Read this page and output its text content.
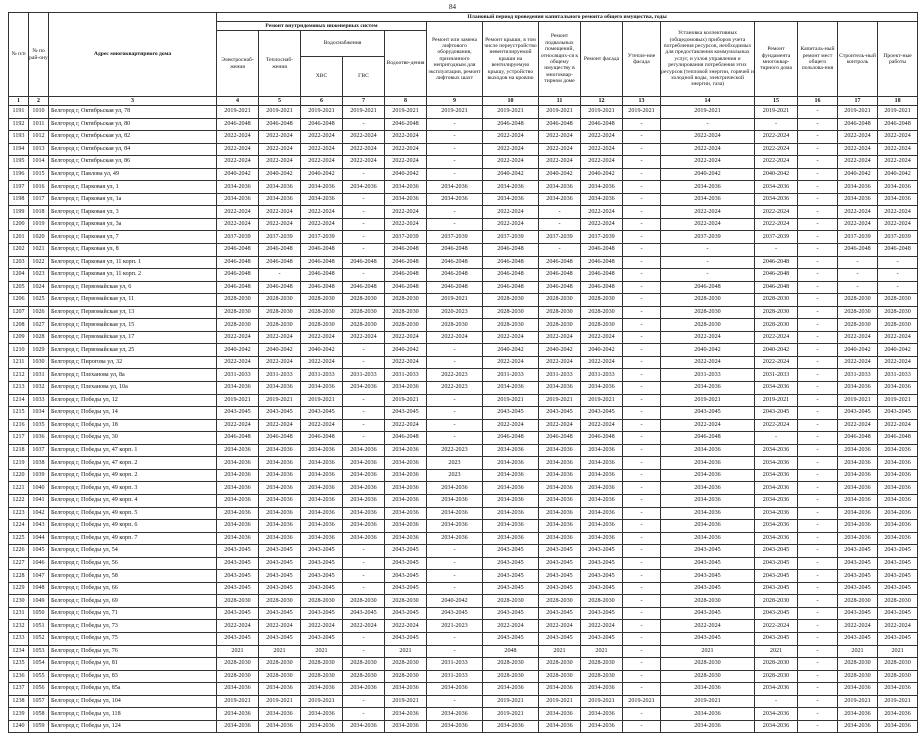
84
№ п/п	№ по рай-ону	Адрес многоквартирного дома	Плановый период проведения капитального ремонта общего имущества, годы														
			Ремонт внутридомовых инженерных систем					Ремонт или замена лифтового оборудования, признанного непригодным для эксплуатации, ремонт лифтовых шахт	Ремонт крыши, в том числе переустройство невентилируемой крыши на вентилируемую крышу, устройство выходов на кровлю	Ремонт подвальных помещений, относящих-ся к общему имуществу в многоквар-тирном доме	Ремонт фасада	Утепле-ние фасада	Установка коллективных (общедомовых) приборов учета потребления ресурсов, необходимых для предоставления коммунальных услуг, и узлов управления и регулирования потребления этих ресурсов (тепловой энергии, горячей и холодной воды, электрической энергии, газа)	Ремонт фундамента многоквар-тирного дома	Капиталь-ный ремонт мест общего пользова-ния	Строитель-ный контроль	Проект-ные работы
			Электроснаб-жения	Теплоснаб-жения	Водоснабжения		Водоотве-дения										
					ХВС	ГВС											
1	2	3	4	5	6	7	8	9	10	11	12	13	14	15	16	17	18
1191	1010	Белгород г, Октябрьская ул, 78	2019-2021	2019-2021	2019-2021	2019-2021	2019-2021	2019-2021	2019-2021	2019-2021	2019-2021	2019-2021	2019-2021	2019-2021	-	2019-2021	2019-2021
1192	1011	Белгород г, Октябрьская ул, 80	2046-2048	2046-2048	2046-2048	-	2046-2048	-	2046-2048	2046-2048	2046-2048	-	-	-	-	2046-2048	2046-2048
1193	1012	Белгород г, Октябрьская ул, 82	2022-2024	2022-2024	2022-2024	2022-2024	2022-2024	-	2022-2024	2022-2024	2022-2024	-	2022-2024	2022-2024	-	2022-2024	2022-2024
1194	1013	Белгород г, Октябрьская ул, 84	2022-2024	2022-2024	2022-2024	2022-2024	2022-2024	-	2022-2024	2022-2024	2022-2024	-	2022-2024	2022-2024	-	2022-2024	2022-2024
1195	1014	Белгород г, Октябрьская ул, 86	2022-2024	2022-2024	2022-2024	2022-2024	2022-2024	-	2022-2024	2022-2024	2022-2024	-	2022-2024	2022-2024	-	2022-2024	2022-2024
1196	1015	Белгород г, Павлова ул, 49	2040-2042	2040-2042	2040-2042	-	2040-2042	-	2040-2042	2040-2042	2040-2042	-	2040-2042	2040-2042	-	2040-2042	2040-2042
1197	1016	Белгород г, Парковая ул, 1	2034-2036	2034-2036	2034-2036	2034-2036	2034-2036	2034-2036	2034-2036	2034-2036	2034-2036	-	2034-2036	2034-2036	-	2034-2036	2034-2036
1198	1017	Белгород г, Парковая ул, 1а	2034-2036	2034-2036	2034-2036	-	2034-2036	2034-2036	2034-2036	2034-2036	2034-2036	-	2034-2036	2034-2036	-	2034-2036	2034-2036
1199	1018	Белгород г, Парковая ул, 3	2022-2024	2022-2024	2022-2024	-	2022-2024	-	2022-2024	-	2022-2024	-	2022-2024	2022-2024	-	2022-2024	2022-2024
1200	1019	Белгород г, Парковая ул, 3а	2022-2024	2022-2024	2022-2024	-	2022-2024	-	2022-2024	-	2022-2024	-	2022-2024	2022-2024	-	2022-2024	2022-2024
1201	1020	Белгород г, Парковая ул, 7	2037-2039	2037-2039	2037-2039	-	2037-2039	2037-2039	2037-2039	2037-2039	2037-2039	-	2037-2039	2037-2039	-	2037-2039	2037-2039
1202	1021	Белгород г, Парковая ул, 8	2046-2048	2046-2048	2046-2048	-	2046-2048	2046-2048	2046-2048	-	2046-2048	-	-	-	-	2046-2048	2046-2048
1203	1022	Белгород г, Парковая ул, 11 корп. 1	2046-2048	2046-2048	2046-2048	2046-2048	2046-2048	2046-2048	2046-2048	2046-2048	2046-2048	-	-	2046-2048	-	-	-
1204	1023	Белгород г, Парковая ул, 11 корп. 2	2046-2048	-	2046-2048	-	2046-2048	2046-2048	2046-2048	2046-2048	2046-2048	-	-	2046-2048	-	-	-
1205	1024	Белгород г, Первомайская ул, 6	2046-2048	2046-2048	2046-2048	2046-2048	2046-2048	2046-2048	2046-2048	2046-2048	2046-2048	-	2046-2048	2046-2048	-	-	-
1206	1025	Белгород г, Первомайская ул, 11	2028-2030	2028-2030	2028-2030	2028-2030	2028-2030	2019-2021	2028-2030	2028-2030	2028-2030	-	2028-2030	2028-2030	-	2028-2030	2028-2030
1207	1026	Белгород г, Первомайская ул, 13	2028-2030	2028-2030	2028-2030	2028-2030	2028-2030	2020-2023	2028-2030	2028-2030	2028-2030	-	2028-2030	2028-2030	-	2028-2030	2028-2030
1208	1027	Белгород г, Первомайская ул, 15	2028-2030	2028-2030	2028-2030	2028-2030	2028-2030	2028-2030	2028-2030	2028-2030	2028-2030	-	2028-2030	2028-2030	-	2028-2030	2028-2030
1209	1028	Белгород г, Первомайская ул, 17	2022-2024	2022-2024	2022-2024	2022-2024	2022-2024	2022-2024	2022-2024	2022-2024	2022-2024	-	2022-2024	2022-2024	-	2022-2024	2022-2024
1210	1029	Белгород г, Первомайская ул, 25	2040-2042	2040-2042	2040-2042	-	2040-2042	-	2040-2042	2040-2042	2040-2042	-	2040-2042	2040-2042	-	2040-2042	2040-2042
1211	1030	Белгород г, Пирогова ул, 32	2022-2024	2022-2024	2022-2024	-	2022-2024	-	2022-2024	2022-2024	2022-2024	-	2022-2024	2022-2024	-	2022-2024	2022-2024
1212	1031	Белгород г, Плеханова ул, 8а	2031-2033	2031-2033	2031-2033	2031-2033	2031-2033	2022-2023	2031-2033	2031-2033	2031-2033	-	2031-2033	2031-2033	-	2031-2033	2031-2033
1213	1032	Белгород г, Плеханова ул, 10а	2034-2036	2034-2036	2034-2036	2034-2036	2034-2036	2022-2023	2034-2036	2034-2036	2034-2036	-	2034-2036	2034-2036	-	2034-2036	2034-2036
1214	1033	Белгород г, Победы ул, 12	2019-2021	2019-2021	2019-2021	-	2019-2021	-	2019-2021	2019-2021	2019-2021	-	2019-2021	2019-2021	-	2019-2021	2019-2021
1215	1034	Белгород г, Победы ул, 14	2043-2045	2043-2045	2043-2045	-	2043-2045	-	2043-2045	2043-2045	2043-2045	-	2043-2045	2043-2045	-	2043-2045	2043-2045
1216	1035	Белгород г, Победы ул, 18	2022-2024	2022-2024	2022-2024	-	2022-2024	-	2022-2024	2022-2024	2022-2024	-	2022-2024	2022-2024	-	2022-2024	2022-2024
1217	1036	Белгород г, Победы ул, 30	2046-2048	2046-2048	2046-2048	-	2046-2048	-	2046-2048	2046-2048	2046-2048	-	2046-2048	-	-	2046-2048	2046-2048
1218	1037	Белгород г, Победы ул, 47 корп. 1	2034-2036	2034-2036	2034-2036	2034-2036	2034-2036	2022-2023	2034-2036	2034-2036	2034-2036	-	2034-2036	2034-2036	-	2034-2036	2034-2036
1219	1038	Белгород г, Победы ул, 47 корп. 2	2034-2036	2034-2036	2034-2036	2034-2036	2034-2036	2023	2034-2036	2034-2036	2034-2036	-	2034-2036	2034-2036	-	2034-2036	2034-2036
1220	1039	Белгород г, Победы ул, 49 корп. 2	2034-2036	2034-2036	2034-2036	2034-2036	2034-2036	2023	2034-2036	2034-2036	2034-2036	-	2034-2036	2034-2036	-	2034-2036	2034-2036
1221	1040	Белгород г, Победы ул, 49 корп. 3	2034-2036	2034-2036	2034-2036	2034-2036	2034-2036	2034-2036	2034-2036	2034-2036	2034-2036	-	2034-2036	2034-2036	-	2034-2036	2034-2036
1222	1041	Белгород г, Победы ул, 49 корп. 4	2034-2036	2034-2036	2034-2036	2034-2036	2034-2036	2034-2036	2034-2036	2034-2036	2034-2036	-	2034-2036	2034-2036	-	2034-2036	2034-2036
1223	1042	Белгород г, Победы ул, 49 корп. 5	2034-2036	2034-2036	2034-2036	2034-2036	2034-2036	2034-2036	2034-2036	2034-2036	2034-2036	-	2034-2036	2034-2036	-	2034-2036	2034-2036
1224	1043	Белгород г, Победы ул, 49 корп. 6	2034-2036	2034-2036	2034-2036	2034-2036	2034-2036	2034-2036	2034-2036	2034-2036	2034-2036	-	2034-2036	2034-2036	-	2034-2036	2034-2036
1225	1044	Белгород г, Победы ул, 49 корп. 7	2034-2036	2034-2036	2034-2036	2034-2036	2034-2036	2034-2036	2034-2036	2034-2036	2034-2036	-	2034-2036	2034-2036	-	2034-2036	2034-2036
1226	1045	Белгород г, Победы ул, 54	2043-2045	2043-2045	2043-2045	-	2043-2045	-	2043-2045	2043-2045	2043-2045	-	2043-2045	2043-2045	-	2043-2045	2043-2045
1227	1046	Белгород г, Победы ул, 56	2043-2045	2043-2045	2043-2045	-	2043-2045	-	2043-2045	2043-2045	2043-2045	-	2043-2045	2043-2045	-	2043-2045	2043-2045
1228	1047	Белгород г, Победы ул, 58	2043-2045	2043-2045	2043-2045	-	2043-2045	-	2043-2045	2043-2045	2043-2045	-	2043-2045	2043-2045	-	2043-2045	2043-2045
1229	1048	Белгород г, Победы ул, 66	2043-2045	2043-2045	2043-2045	-	2043-2045	-	2043-2045	2043-2045	2043-2045	-	2043-2045	2043-2045	-	2043-2045	2043-2045
1230	1049	Белгород г, Победы ул, 69	2028-2030	2028-2030	2028-2030	2028-2030	2028-2030	2040-2042	2028-2030	2028-2030	2028-2030	-	2028-2030	2028-2030	-	2028-2030	2028-2030
1231	1050	Белгород г, Победы ул, 71	2043-2045	2043-2045	2043-2045	2043-2045	2043-2045	2043-2045	2043-2045	2043-2045	2043-2045	-	2043-2045	2043-2045	-	2043-2045	2043-2045
1232	1051	Белгород г, Победы ул, 73	2022-2024	2022-2024	2022-2024	2022-2024	2022-2024	2021-2023	2022-2024	2022-2024	2022-2024	-	2022-2024	2022-2024	-	2022-2024	2022-2024
1233	1052	Белгород г, Победы ул, 75	2043-2045	2043-2045	2043-2045	-	2043-2045	-	2043-2045	2043-2045	2043-2045	-	2043-2045	2043-2045	-	2043-2045	2043-2045
1234	1053	Белгород г, Победы ул, 76	2021	2021	2021	-	2021	-	2048	2021	2021	-	2021	2021	-	2021	2021
1235	1054	Белгород г, Победы ул, 81	2028-2030	2028-2030	2028-2030	2028-2030	2028-2030	2031-2033	2028-2030	2028-2030	2028-2030	-	2028-2030	2028-2030	-	2028-2030	2028-2030
1236	1055	Белгород г, Победы ул, 83	2028-2030	2028-2030	2028-2030	2028-2030	2028-2030	2031-2033	2028-2030	2028-2030	2028-2030	-	2028-2030	2028-2030	-	2028-2030	2028-2030
1237	1056	Белгород г, Победы ул, 85а	2034-2036	2034-2036	2034-2036	2034-2036	2034-2036	2034-2036	2034-2036	2034-2036	2034-2036	-	2034-2036	2034-2036	-	2034-2036	2034-2036
1238	1057	Белгород г, Победы ул, 104	2019-2021	2019-2021	2019-2021	-	2019-2021	-	2019-2021	2019-2021	2019-2021	2019-2021	2019-2021	-	-	2019-2021	2019-2021
1239	1058	Белгород г, Победы ул, 118	2034-2036	2034-2036	2034-2036	-	2034-2036	2034-2036	2019-2021	2034-2036	2034-2036	-	2034-2036	2034-2036	-	2034-2036	2034-2036
1240	1059	Белгород г, Победы ул, 124	2034-2036	2034-2036	2034-2036	2034-2036	2034-2036	2034-2036	2034-2036	2034-2036	2034-2036	-	2034-2036	2034-2036	-	2034-2036	2034-2036
